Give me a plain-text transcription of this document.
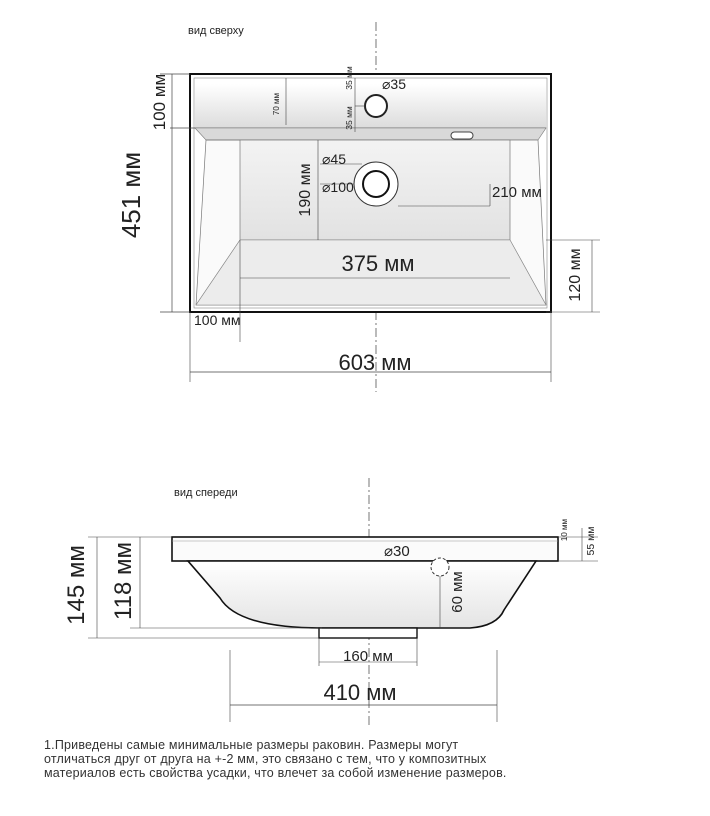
вид сверху
451 мм
100 мм	70 мм
35 мм
35 мм
⌀35
⌀45
⌀100
190 мм	210 мм
375 мм	120 мм
100 мм
603 мм
вид спереди
⌀30
60 мм
145 мм 118 мм
10 мм 55 мм
160 мм
410 мм
1.Приведены самые минимальные размеры раковин. Размеры могут
отличаться друг от друга на +-2 мм, это связано с тем, что у композитных
материалов есть свойства усадки, что влечет за собой изменение размеров.
